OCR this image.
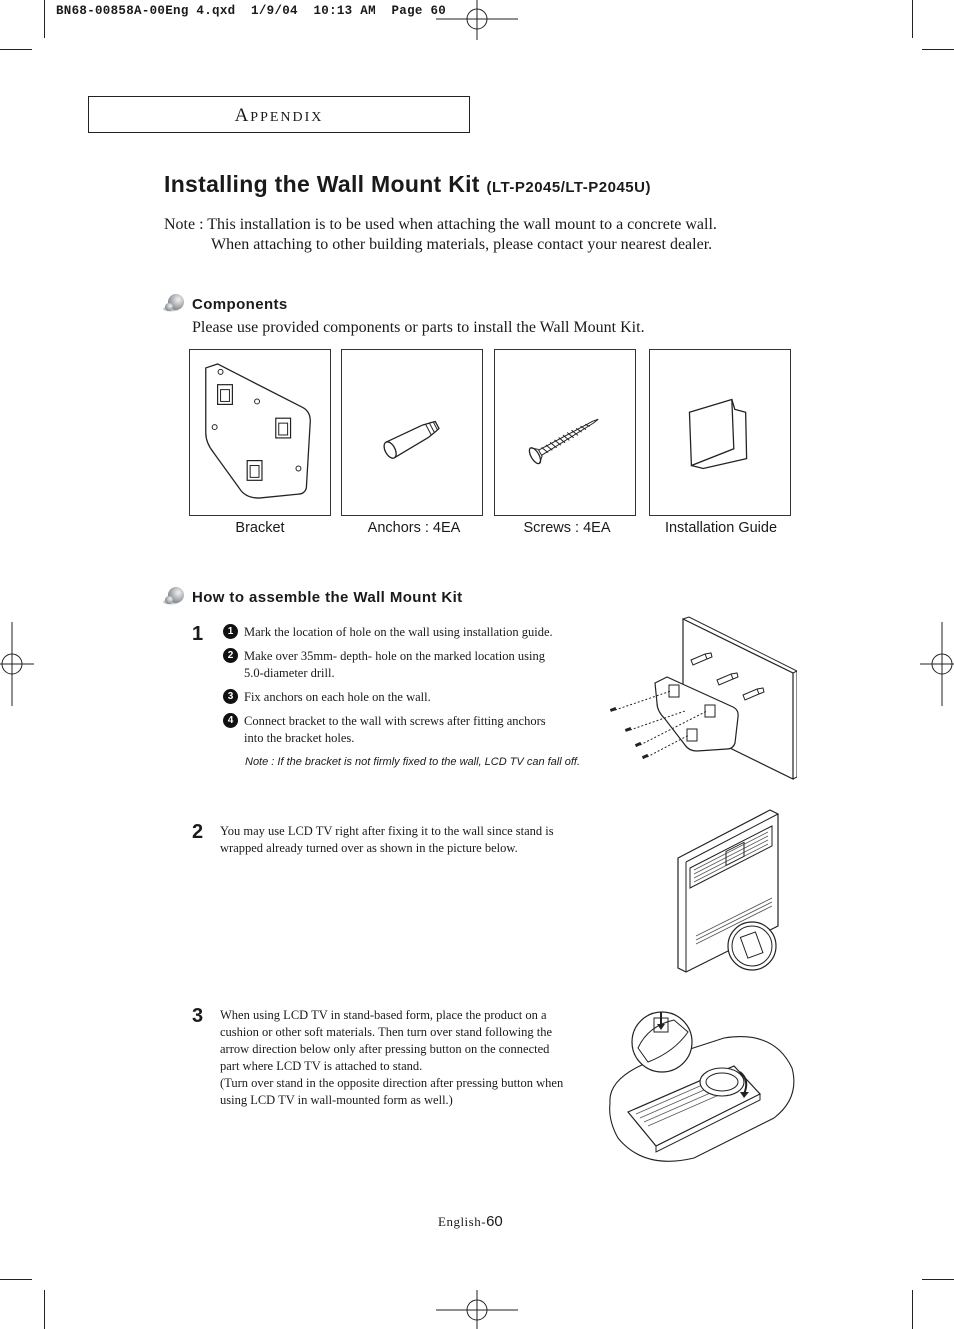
BN68-00858A-00Eng 4.qxd 1/9/04 10:13 AM Page 60
APPENDIX
Installing the Wall Mount Kit (LT-P2045/LT-P2045U)
Note : This installation is to be used when attaching the wall mount to a concrete wall.
When attaching to other building materials, please contact your nearest dealer.
Components
Please use provided components or parts to install the Wall Mount Kit.
Bracket	Anchors : 4EA	Screws : 4EA	Installation Guide
How to assemble the Wall Mount Kit
1	1 Mark the location of hole on the wall using installation guide.
2 Make over 35mm- depth- hole on the marked location using
5.0-diameter drill.
3 Fix anchors on each hole on the wall.
4 Connect bracket to the wall with screws after fitting anchors
into the bracket holes.
Note : If the bracket is not firmly fixed to the wall, LCD TV can fall off.
2 You may use LCD TV right after fixing it to the wall since stand is
wrapped already turned over as shown in the picture below.
3 When using LCD TV in stand-based form, place the product on a
cushion or other soft materials. Then turn over stand following the
arrow direction below only after pressing button on the connected
part where LCD TV is attached to stand.
(Turn over stand in the opposite direction after pressing button when
using LCD TV in wall-mounted form as well.)
English-60
